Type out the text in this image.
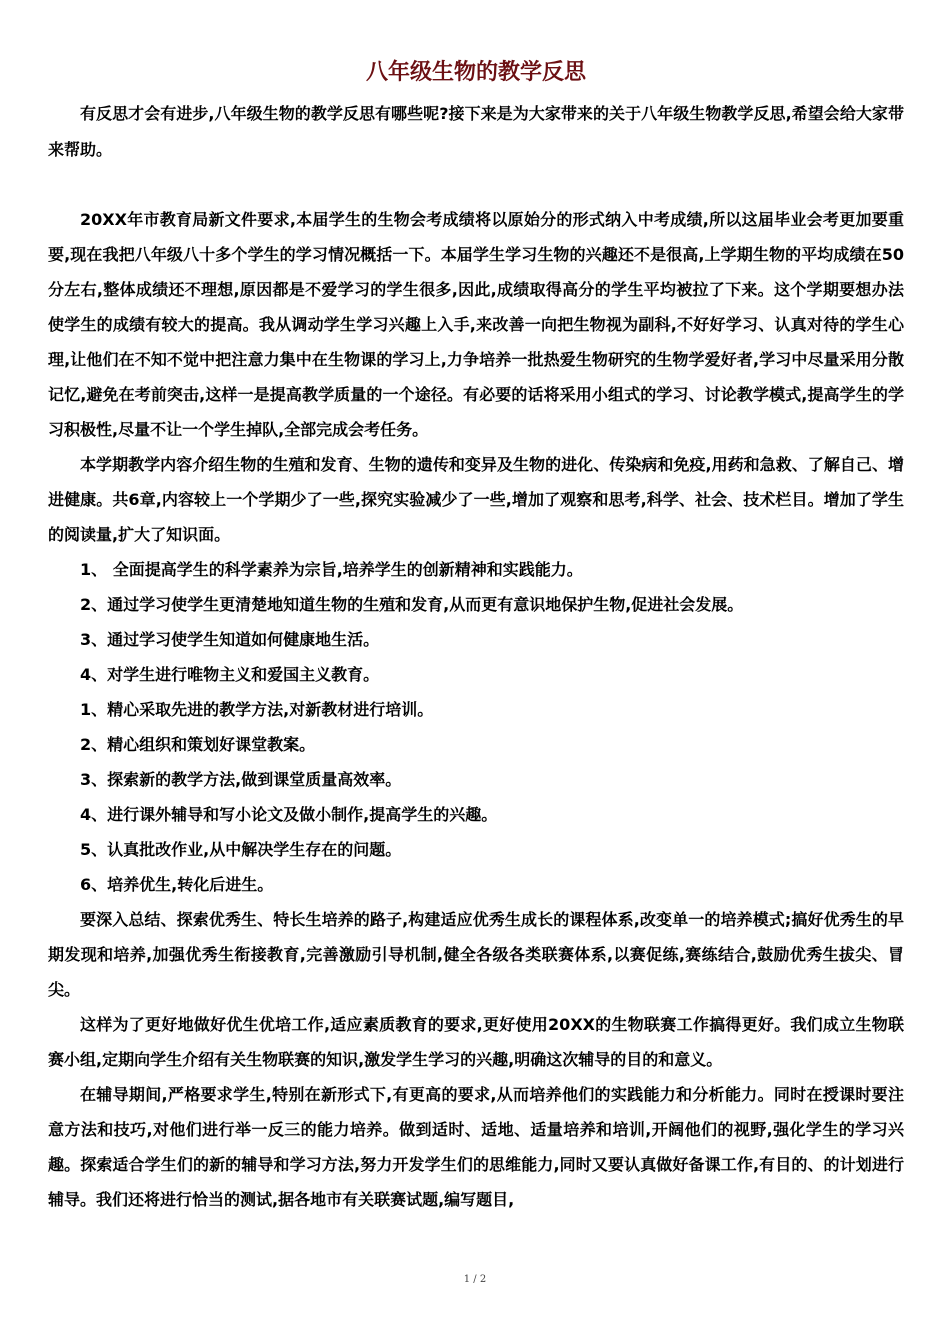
八年级生物的教学反思

有反思才会有进步,八年级生物的教学反思有哪些呢?接下来是为大家带来的关于八年级生物教学反思,希望会给大家带来帮助。

20XX年市教育局新文件要求,本届学生的生物会考成绩将以原始分的形式纳入中考成绩,所以这届毕业会考更加要重要,现在我把八年级八十多个学生的学习情况概括一下。本届学生学习生物的兴趣还不是很高,上学期生物的平均成绩在50分左右,整体成绩还不理想,原因都是不爱学习的学生很多,因此,成绩取得高分的学生平均被拉了下来。这个学期要想办法使学生的成绩有较大的提高。我从调动学生学习兴趣上入手,来改善一向把生物视为副科,不好好学习、认真对待的学生心理,让他们在不知不觉中把注意力集中在生物课的学习上,力争培养一批热爱生物研究的生物学爱好者,学习中尽量采用分散记忆,避免在考前突击,这样一是提高教学质量的一个途径。有必要的话将采用小组式的学习、讨论教学模式,提高学生的学习积极性,尽量不让一个学生掉队,全部完成会考任务。

本学期教学内容介绍生物的生殖和发育、生物的遗传和变异及生物的进化、传染病和免疫,用药和急救、了解自己、增进健康。共6章,内容较上一个学期少了一些,探究实验减少了一些,增加了观察和思考,科学、社会、技术栏目。增加了学生的阅读量,扩大了知识面。

1、 全面提高学生的科学素养为宗旨,培养学生的创新精神和实践能力。

2、通过学习使学生更清楚地知道生物的生殖和发育,从而更有意识地保护生物,促进社会发展。

3、通过学习使学生知道如何健康地生活。

4、对学生进行唯物主义和爱国主义教育。

1、精心采取先进的教学方法,对新教材进行培训。

2、精心组织和策划好课堂教案。

3、探索新的教学方法,做到课堂质量高效率。

4、进行课外辅导和写小论文及做小制作,提高学生的兴趣。

5、认真批改作业,从中解决学生存在的问题。

6、培养优生,转化后进生。

要深入总结、探索优秀生、特长生培养的路子,构建适应优秀生成长的课程体系,改变单一的培养模式;搞好优秀生的早期发现和培养,加强优秀生衔接教育,完善激励引导机制,健全各级各类联赛体系,以赛促练,赛练结合,鼓励优秀生拔尖、冒尖。

这样为了更好地做好优生优培工作,适应素质教育的要求,更好使用20XX的生物联赛工作搞得更好。我们成立生物联赛小组,定期向学生介绍有关生物联赛的知识,激发学生学习的兴趣,明确这次辅导的目的和意义。

在辅导期间,严格要求学生,特别在新形式下,有更高的要求,从而培养他们的实践能力和分析能力。同时在授课时要注意方法和技巧,对他们进行举一反三的能力培养。做到适时、适地、适量培养和培训,开阔他们的视野,强化学生的学习兴趣。探索适合学生们的新的辅导和学习方法,努力开发学生们的思维能力,同时又要认真做好备课工作,有目的、的计划进行辅导。我们还将进行恰当的测试,据各地市有关联赛试题,编写题目,

1 / 2
